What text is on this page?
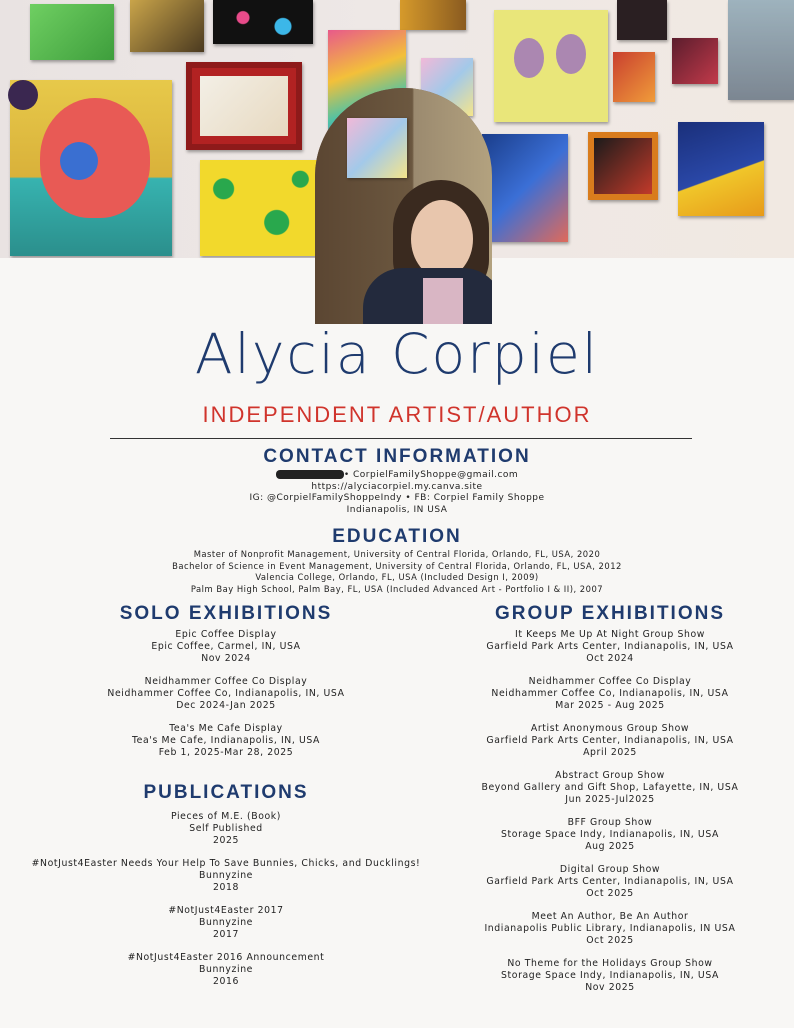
Alycia Corpiel
INDEPENDENT ARTIST/AUTHOR
CONTACT INFORMATION
• CorpielFamilyShoppe@gmail.com
https://alyciacorpiel.my.canva.site
IG: @CorpielFamilyShoppeIndy • FB: Corpiel Family Shoppe
Indianapolis, IN USA
EDUCATION
Master of Nonprofit Management, University of Central Florida, Orlando, FL, USA, 2020
Bachelor of Science in Event Management, University of Central Florida, Orlando, FL, USA, 2012
Valencia College, Orlando, FL, USA (Included Design I, 2009)
Palm Bay High School, Palm Bay, FL, USA (Included Advanced Art - Portfolio I & II), 2007
SOLO EXHIBITIONS
Epic Coffee Display
Epic Coffee, Carmel, IN, USA
Nov 2024
Neidhammer Coffee Co Display
Neidhammer Coffee Co, Indianapolis, IN, USA
Dec 2024-Jan 2025
Tea's Me Cafe Display
Tea's Me Cafe, Indianapolis, IN, USA
Feb 1, 2025-Mar 28, 2025
PUBLICATIONS
Pieces of M.E. (Book)
Self Published
2025
#NotJust4Easter Needs Your Help To Save Bunnies, Chicks, and Ducklings!
Bunnyzine
2018
#NotJust4Easter 2017
Bunnyzine
2017
#NotJust4Easter 2016 Announcement
Bunnyzine
2016
GROUP EXHIBITIONS
It Keeps Me Up At Night Group Show
Garfield Park Arts Center, Indianapolis, IN, USA
Oct 2024
Neidhammer Coffee Co Display
Neidhammer Coffee Co, Indianapolis, IN, USA
Mar 2025 - Aug 2025
Artist Anonymous Group Show
Garfield Park Arts Center, Indianapolis, IN, USA
April 2025
Abstract Group Show
Beyond Gallery and Gift Shop, Lafayette, IN, USA
Jun 2025-Jul2025
BFF Group Show
Storage Space Indy, Indianapolis, IN, USA
Aug 2025
Digital Group Show
Garfield Park Arts Center, Indianapolis, IN, USA
Oct 2025
Meet An Author, Be An Author
Indianapolis Public Library, Indianapolis, IN USA
Oct 2025
No Theme for the Holidays Group Show
Storage Space Indy, Indianapolis, IN, USA
Nov 2025
